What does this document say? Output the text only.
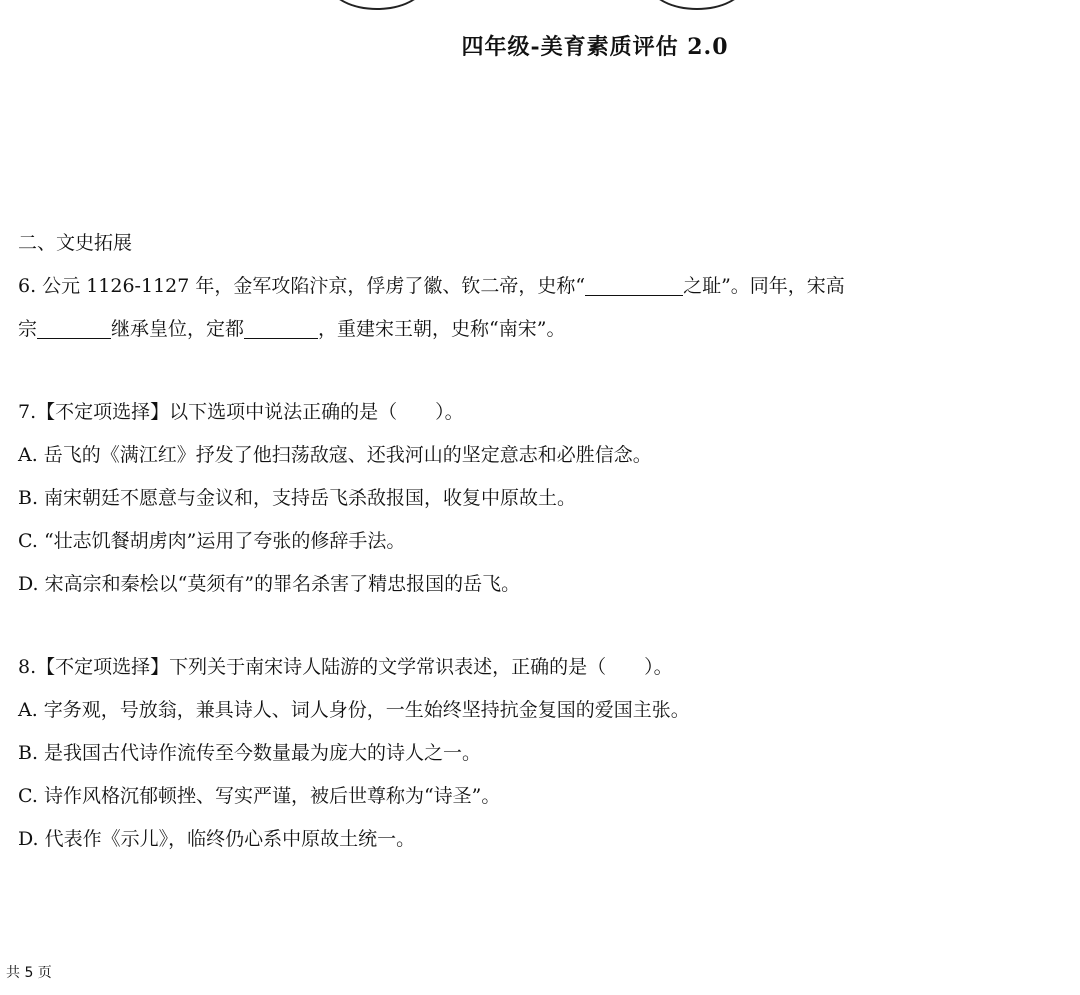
四年级-美育素质评估 2.0
二、文史拓展
6. 公元 1126-1127 年，金军攻陷汴京，俘虏了徽、钦二帝，史称“	之耻”。同年，宋高
宗	继承皇位，定都	，重建宋王朝，史称“南宋”。
7.【不定项选择】以下选项中说法正确的是（　　）。
A. 岳飞的《满江红》抒发了他扫荡敌寇、还我河山的坚定意志和必胜信念。
B. 南宋朝廷不愿意与金议和，支持岳飞杀敌报国，收复中原故土。
C. “壮志饥餐胡虏肉”运用了夸张的修辞手法。
D. 宋高宗和秦桧以“莫须有”的罪名杀害了精忠报国的岳飞。
8.【不定项选择】下列关于南宋诗人陆游的文学常识表述，正确的是（　　）。
A. 字务观，号放翁，兼具诗人、词人身份，一生始终坚持抗金复国的爱国主张。
B. 是我国古代诗作流传至今数量最为庞大的诗人之一。
C. 诗作风格沉郁顿挫、写实严谨，被后世尊称为“诗圣”。
D. 代表作《示儿》，临终仍心系中原故土统一。
共 5 页
